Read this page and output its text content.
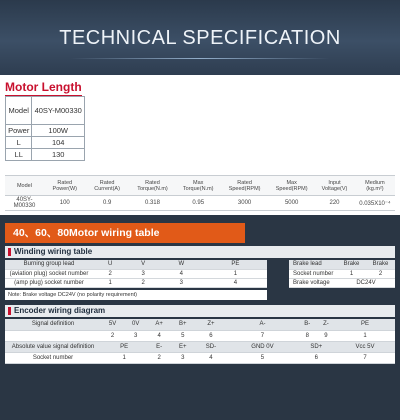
TECHNICAL SPECIFICATION
Motor Length
Model	40SY-M00330
Power	100W
L	104
LL	130
Model	Rated Power(W)	Rated Current(A)	Rated Torque(N.m)	Max Torque(N.m)	Rated Speed(RPM)	Max Speed(RPM)	Input Voltage(V)	Medium (kg.m²)
40SY-M00330	100	0.9	0.318	0.95	3000	5000	220	0.035X10⁻⁴
40、60、80Motor wiring table
Winding wiring table
Burning group lead	U	V	W	PE
(aviation plug) socket number	2	3	4	1
(amp plug) socket number	1	2	3	4
Brake lead	Brake	Brake
Socket number	1	2
Brake voltage	DC24V	
Note: Brake voltage DC24V (no polarity requirement)
Encoder wiring diagram
Signal definition	5V	0V	A+	B+	Z+	A-	B-	Z-	PE
	2	3	4	5	6	7	8	9	1
Absolute value signal definition	PE		E-	E+	SD-	GND 0V	SD+		Vcc 5V
Socket number	1		2	3	4	5	6		7
